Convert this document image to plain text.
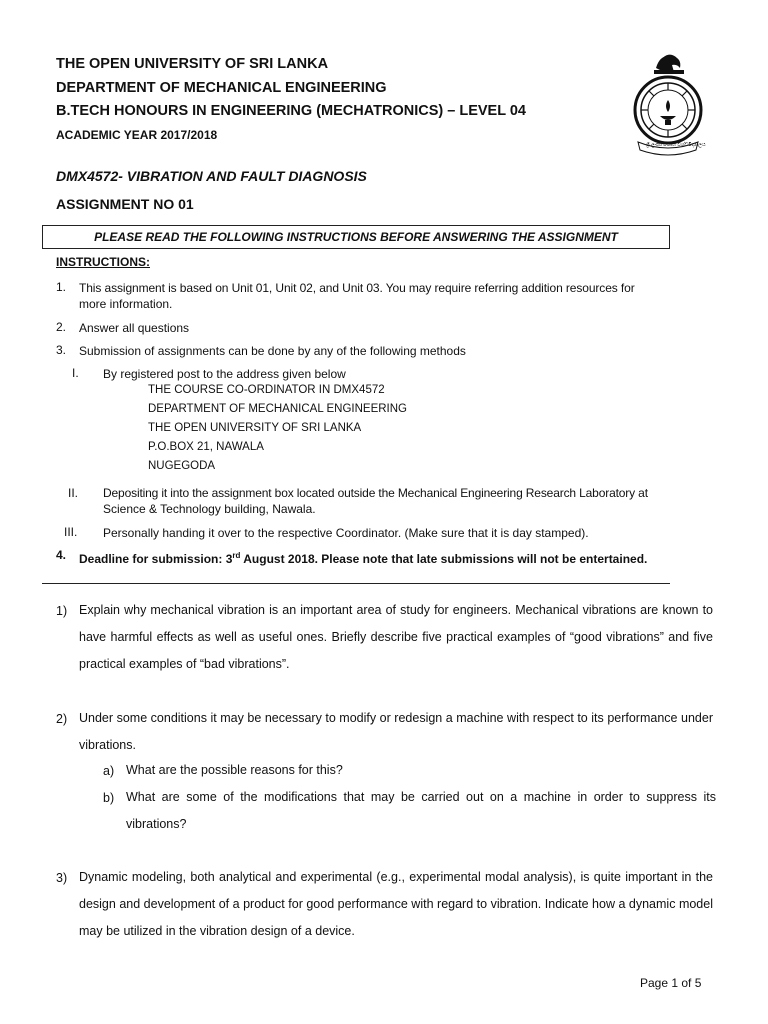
THE OPEN UNIVERSITY OF SRI LANKA
DEPARTMENT OF MECHANICAL ENGINEERING
B.TECH HONOURS IN ENGINEERING (MECHATRONICS) – LEVEL 04
ACADEMIC YEAR 2017/2018
ශ්‍රී ලංකා විවෘත විශ්වවිද්‍යාලය
DMX4572- VIBRATION AND FAULT DIAGNOSIS
ASSIGNMENT NO 01
PLEASE READ THE FOLLOWING INSTRUCTIONS BEFORE ANSWERING THE ASSIGNMENT
INSTRUCTIONS:
1. This assignment is based on Unit 01, Unit 02, and Unit 03. You may require referring addition resources for
more information.
2. Answer all questions
3. Submission of assignments can be done by any of the following methods
I. By registered post to the address given below
THE COURSE CO-ORDINATOR IN DMX4572
DEPARTMENT OF MECHANICAL ENGINEERING
THE OPEN UNIVERSITY OF SRI LANKA
P.O.BOX 21, NAWALA
NUGEGODA
II. Depositing it into the assignment box located outside the Mechanical Engineering Research Laboratory at
Science & Technology building, Nawala.
III. Personally handing it over to the respective Coordinator. (Make sure that it is day stamped).
4. Deadline for submission: 3rd August 2018. Please note that late submissions will not be entertained.
1) Explain why mechanical vibration is an important area of study for engineers. Mechanical vibrations are known to have harmful effects as well as useful ones. Briefly describe five practical examples of “good vibrations” and five practical examples of “bad vibrations”.
2) Under some conditions it may be necessary to modify or redesign a machine with respect to its performance under vibrations.
a) What are the possible reasons for this?
b) What are some of the modifications that may be carried out on a machine in order to suppress its vibrations?
3) Dynamic modeling, both analytical and experimental (e.g., experimental modal analysis), is quite important in the design and development of a product for good performance with regard to vibration. Indicate how a dynamic model may be utilized in the vibration design of a device.
Page 1 of 5
